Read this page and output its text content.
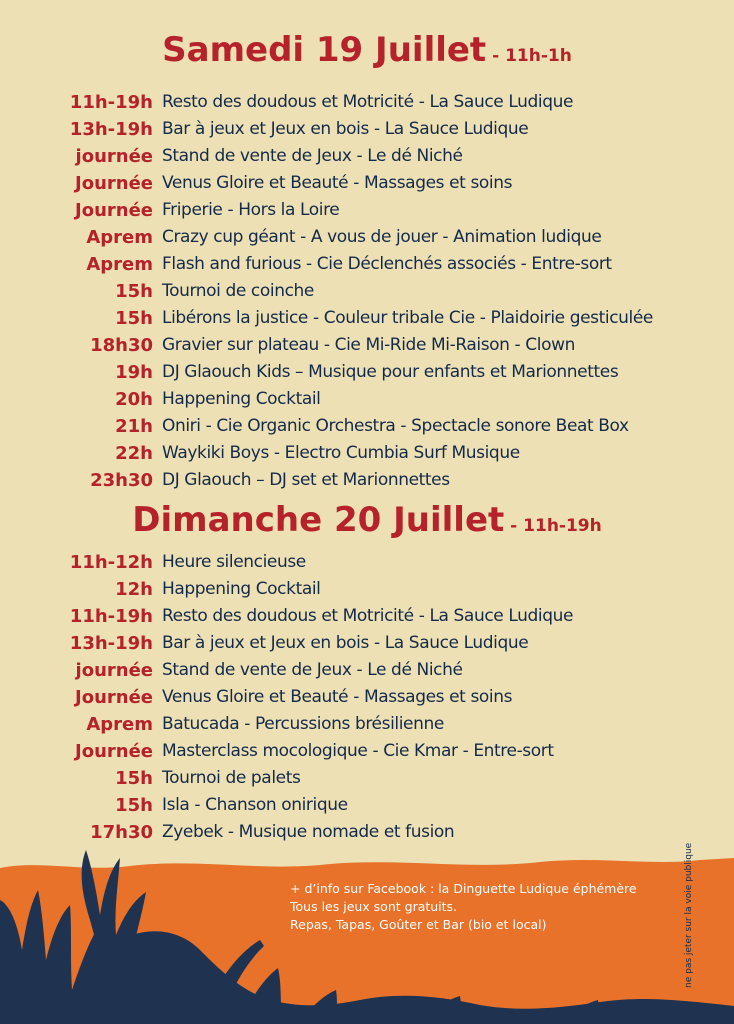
Samedi 19 Juillet - 11h-1h
11h-19h Resto des doudous et Motricité - La Sauce Ludique
13h-19h Bar à jeux et Jeux en bois - La Sauce Ludique
journée Stand de vente de Jeux - Le dé Niché
Journée Venus Gloire et Beauté - Massages et soins
Journée Friperie - Hors la Loire
Aprem Crazy cup géant - A vous de jouer - Animation ludique
Aprem Flash and furious - Cie Déclenchés associés - Entre-sort
15h Tournoi de coinche
15h Libérons la justice - Couleur tribale Cie - Plaidoirie gesticulée
18h30 Gravier sur plateau - Cie Mi-Ride Mi-Raison - Clown
19h DJ Glaouch Kids – Musique pour enfants et Marionnettes
20h Happening Cocktail
21h Oniri - Cie Organic Orchestra - Spectacle sonore Beat Box
22h Waykiki Boys - Electro Cumbia Surf Musique
23h30 DJ Glaouch – DJ set et Marionnettes
Dimanche 20 Juillet - 11h-19h
11h-12h Heure silencieuse
12h Happening Cocktail
11h-19h Resto des doudous et Motricité - La Sauce Ludique
13h-19h Bar à jeux et Jeux en bois - La Sauce Ludique
journée Stand de vente de Jeux - Le dé Niché
Journée Venus Gloire et Beauté - Massages et soins
Aprem Batucada - Percussions brésilienne
Journée Masterclass mocologique - Cie Kmar - Entre-sort
15h Tournoi de palets
15h Isla - Chanson onirique
17h30 Zyebek - Musique nomade et fusion
+ d’info sur Facebook : la Dinguette Ludique éphémère
Tous les jeux sont gratuits.
Repas, Tapas, Goûter et Bar (bio et local)	ne pas jeter sur la voie publique
